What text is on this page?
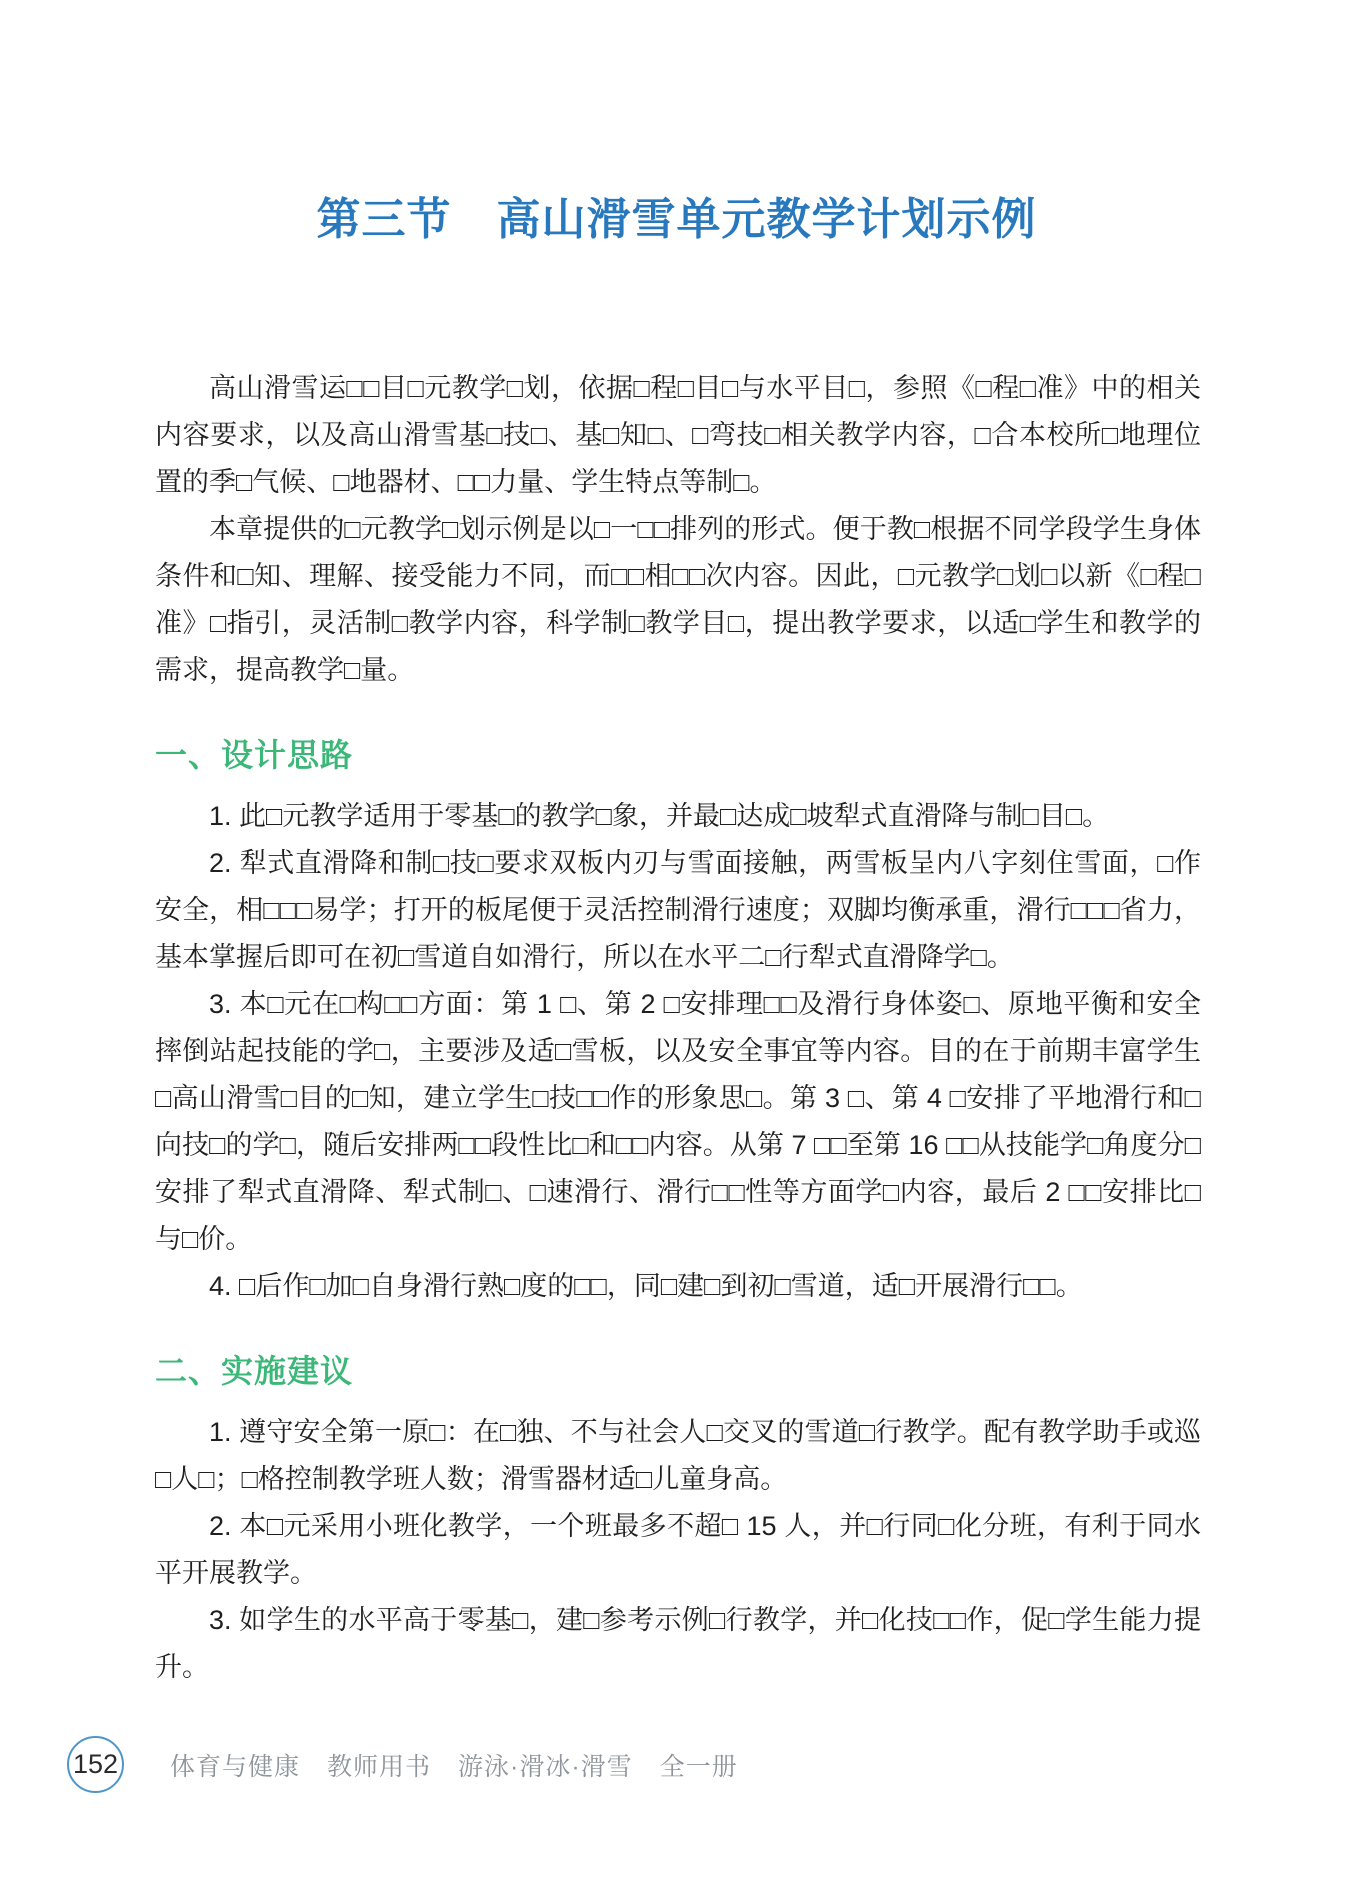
第三节　高山滑雪单元教学计划示例

高山滑雪运□□目□元教学□划，依据□程□目□与水平目□，参照《□程□准》中的相关内容要求，以及高山滑雪基□技□、基□知□、□弯技□相关教学内容，□合本校所□地理位置的季□气候、□地器材、□□力量、学生特点等制□。

本章提供的□元教学□划示例是以□一□□排列的形式。便于教□根据不同学段学生身体条件和□知、理解、接受能力不同，而□□相□□次内容。因此，□元教学□划□以新《□程□准》□指引，灵活制□教学内容，科学制□教学目□，提出教学要求，以适□学生和教学的需求，提高教学□量。

一、设计思路

1. 此□元教学适用于零基□的教学□象，并最□达成□坡犁式直滑降与制□目□。

2. 犁式直滑降和制□技□要求双板内刃与雪面接触，两雪板呈内八字刻住雪面，□作安全，相□□□易学；打开的板尾便于灵活控制滑行速度；双脚均衡承重，滑行□□□省力，基本掌握后即可在初□雪道自如滑行，所以在水平二□行犁式直滑降学□。

3. 本□元在□构□□方面：第 1 □、第 2 □安排理□□及滑行身体姿□、原地平衡和安全摔倒站起技能的学□，主要涉及适□雪板，以及安全事宜等内容。目的在于前期丰富学生□高山滑雪□目的□知，建立学生□技□□作的形象思□。第 3 □、第 4 □安排了平地滑行和□向技□的学□，随后安排两□□段性比□和□□内容。从第 7 □□至第 16 □□从技能学□角度分□安排了犁式直滑降、犁式制□、□速滑行、滑行□□性等方面学□内容，最后 2 □□安排比□与□价。

4. □后作□加□自身滑行熟□度的□□，同□建□到初□雪道，适□开展滑行□□。

二、实施建议

1. 遵守安全第一原□：在□独、不与社会人□交叉的雪道□行教学。配有教学助手或巡□人□；□格控制教学班人数；滑雪器材适□儿童身高。

2. 本□元采用小班化教学，一个班最多不超□ 15 人，并□行同□化分班，有利于同水平开展教学。

3. 如学生的水平高于零基□，建□参考示例□行教学，并□化技□□作，促□学生能力提升。

152 体育与健康 教师用书 游泳·滑冰·滑雪 全一册
